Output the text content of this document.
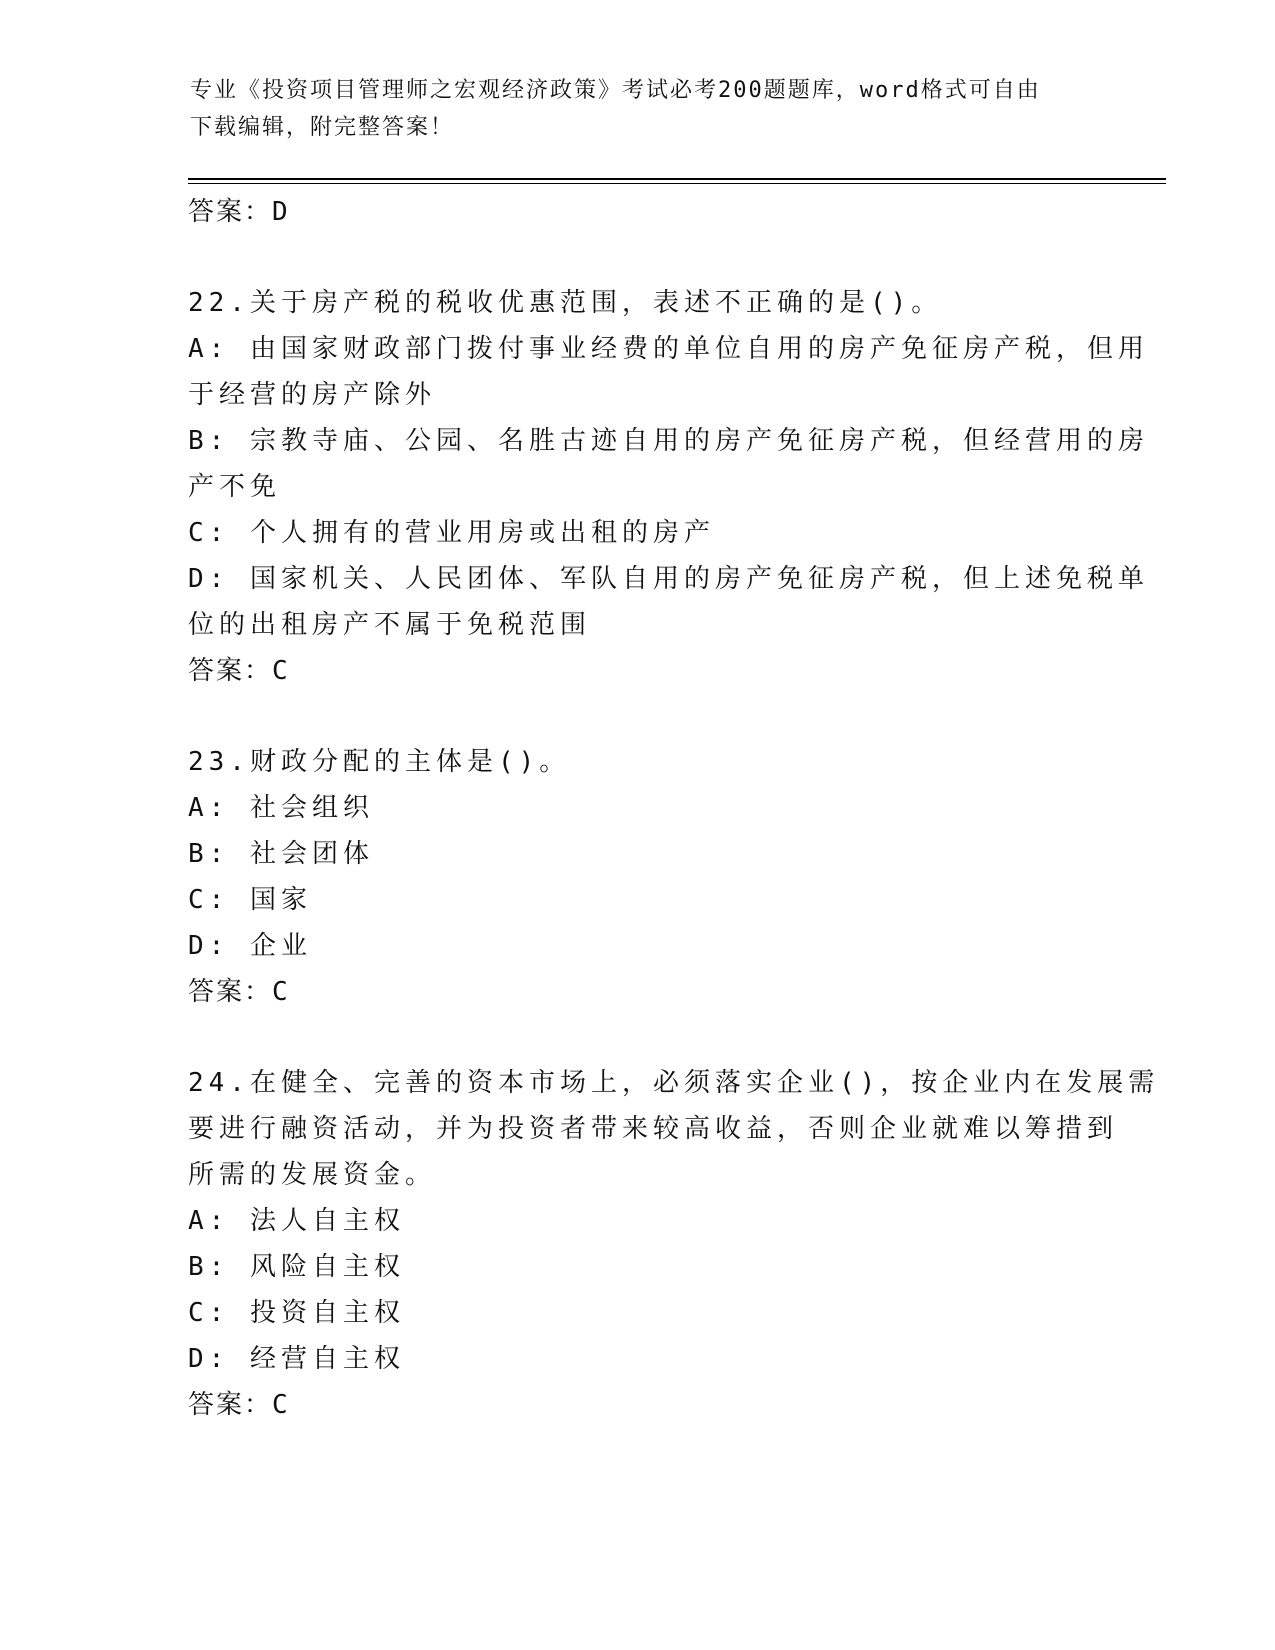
专业《投资项目管理师之宏观经济政策》考试必考200题题库，word格式可自由
下载编辑，附完整答案！
答案：D
22.关于房产税的税收优惠范围，表述不正确的是()。
A: 由国家财政部门拨付事业经费的单位自用的房产免征房产税，但用
于经营的房产除外
B: 宗教寺庙、公园、名胜古迹自用的房产免征房产税，但经营用的房
产不免
C: 个人拥有的营业用房或出租的房产
D: 国家机关、人民团体、军队自用的房产免征房产税，但上述免税单
位的出租房产不属于免税范围
答案：C
23.财政分配的主体是()。
A: 社会组织
B: 社会团体
C: 国家
D: 企业
答案：C
24.在健全、完善的资本市场上，必须落实企业()，按企业内在发展需
要进行融资活动，并为投资者带来较高收益，否则企业就难以筹措到
所需的发展资金。
A: 法人自主权
B: 风险自主权
C: 投资自主权
D: 经营自主权
答案：C
